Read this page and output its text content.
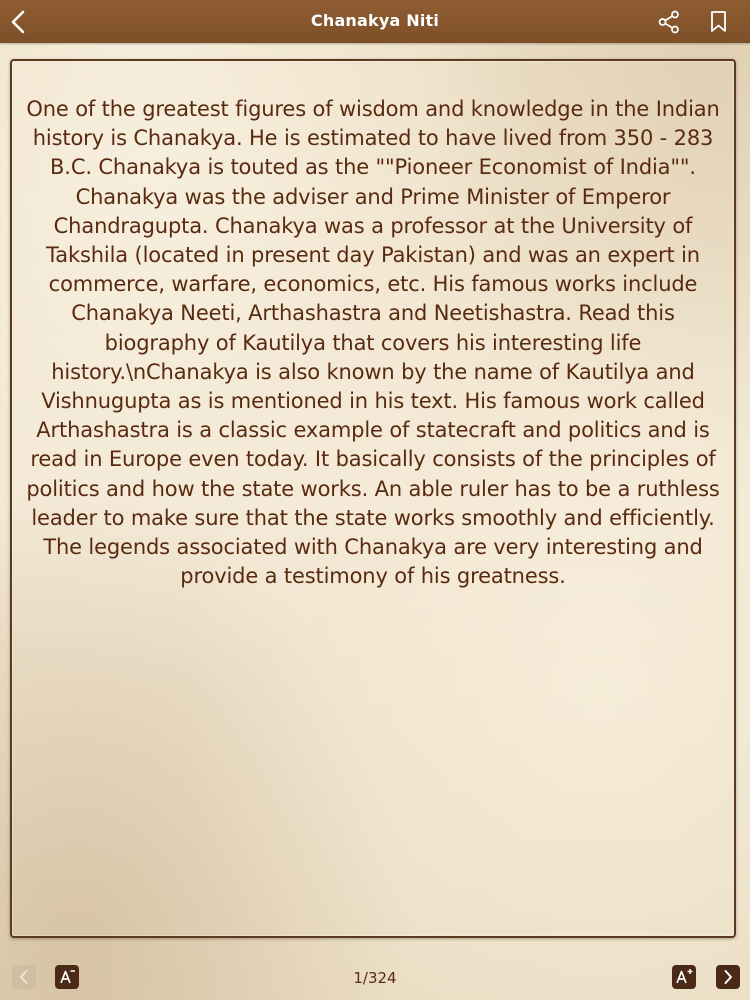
Chanakya Niti

One of the greatest figures of wisdom and knowledge in the Indian history is Chanakya. He is estimated to have lived from 350 - 283 B.C. Chanakya is touted as the ""Pioneer Economist of India"". Chanakya was the adviser and Prime Minister of Emperor Chandragupta. Chanakya was a professor at the University of Takshila (located in present day Pakistan) and was an expert in commerce, warfare, economics, etc. His famous works include Chanakya Neeti, Arthashastra and Neetishastra. Read this biography of Kautilya that covers his interesting life history.\nChanakya is also known by the name of Kautilya and Vishnugupta as is mentioned in his text. His famous work called Arthashastra is a classic example of statecraft and politics and is read in Europe even today. It basically consists of the principles of politics and how the state works. An able ruler has to be a ruthless leader to make sure that the state works smoothly and efficiently. The legends associated with Chanakya are very interesting and provide a testimony of his greatness.

1/324
